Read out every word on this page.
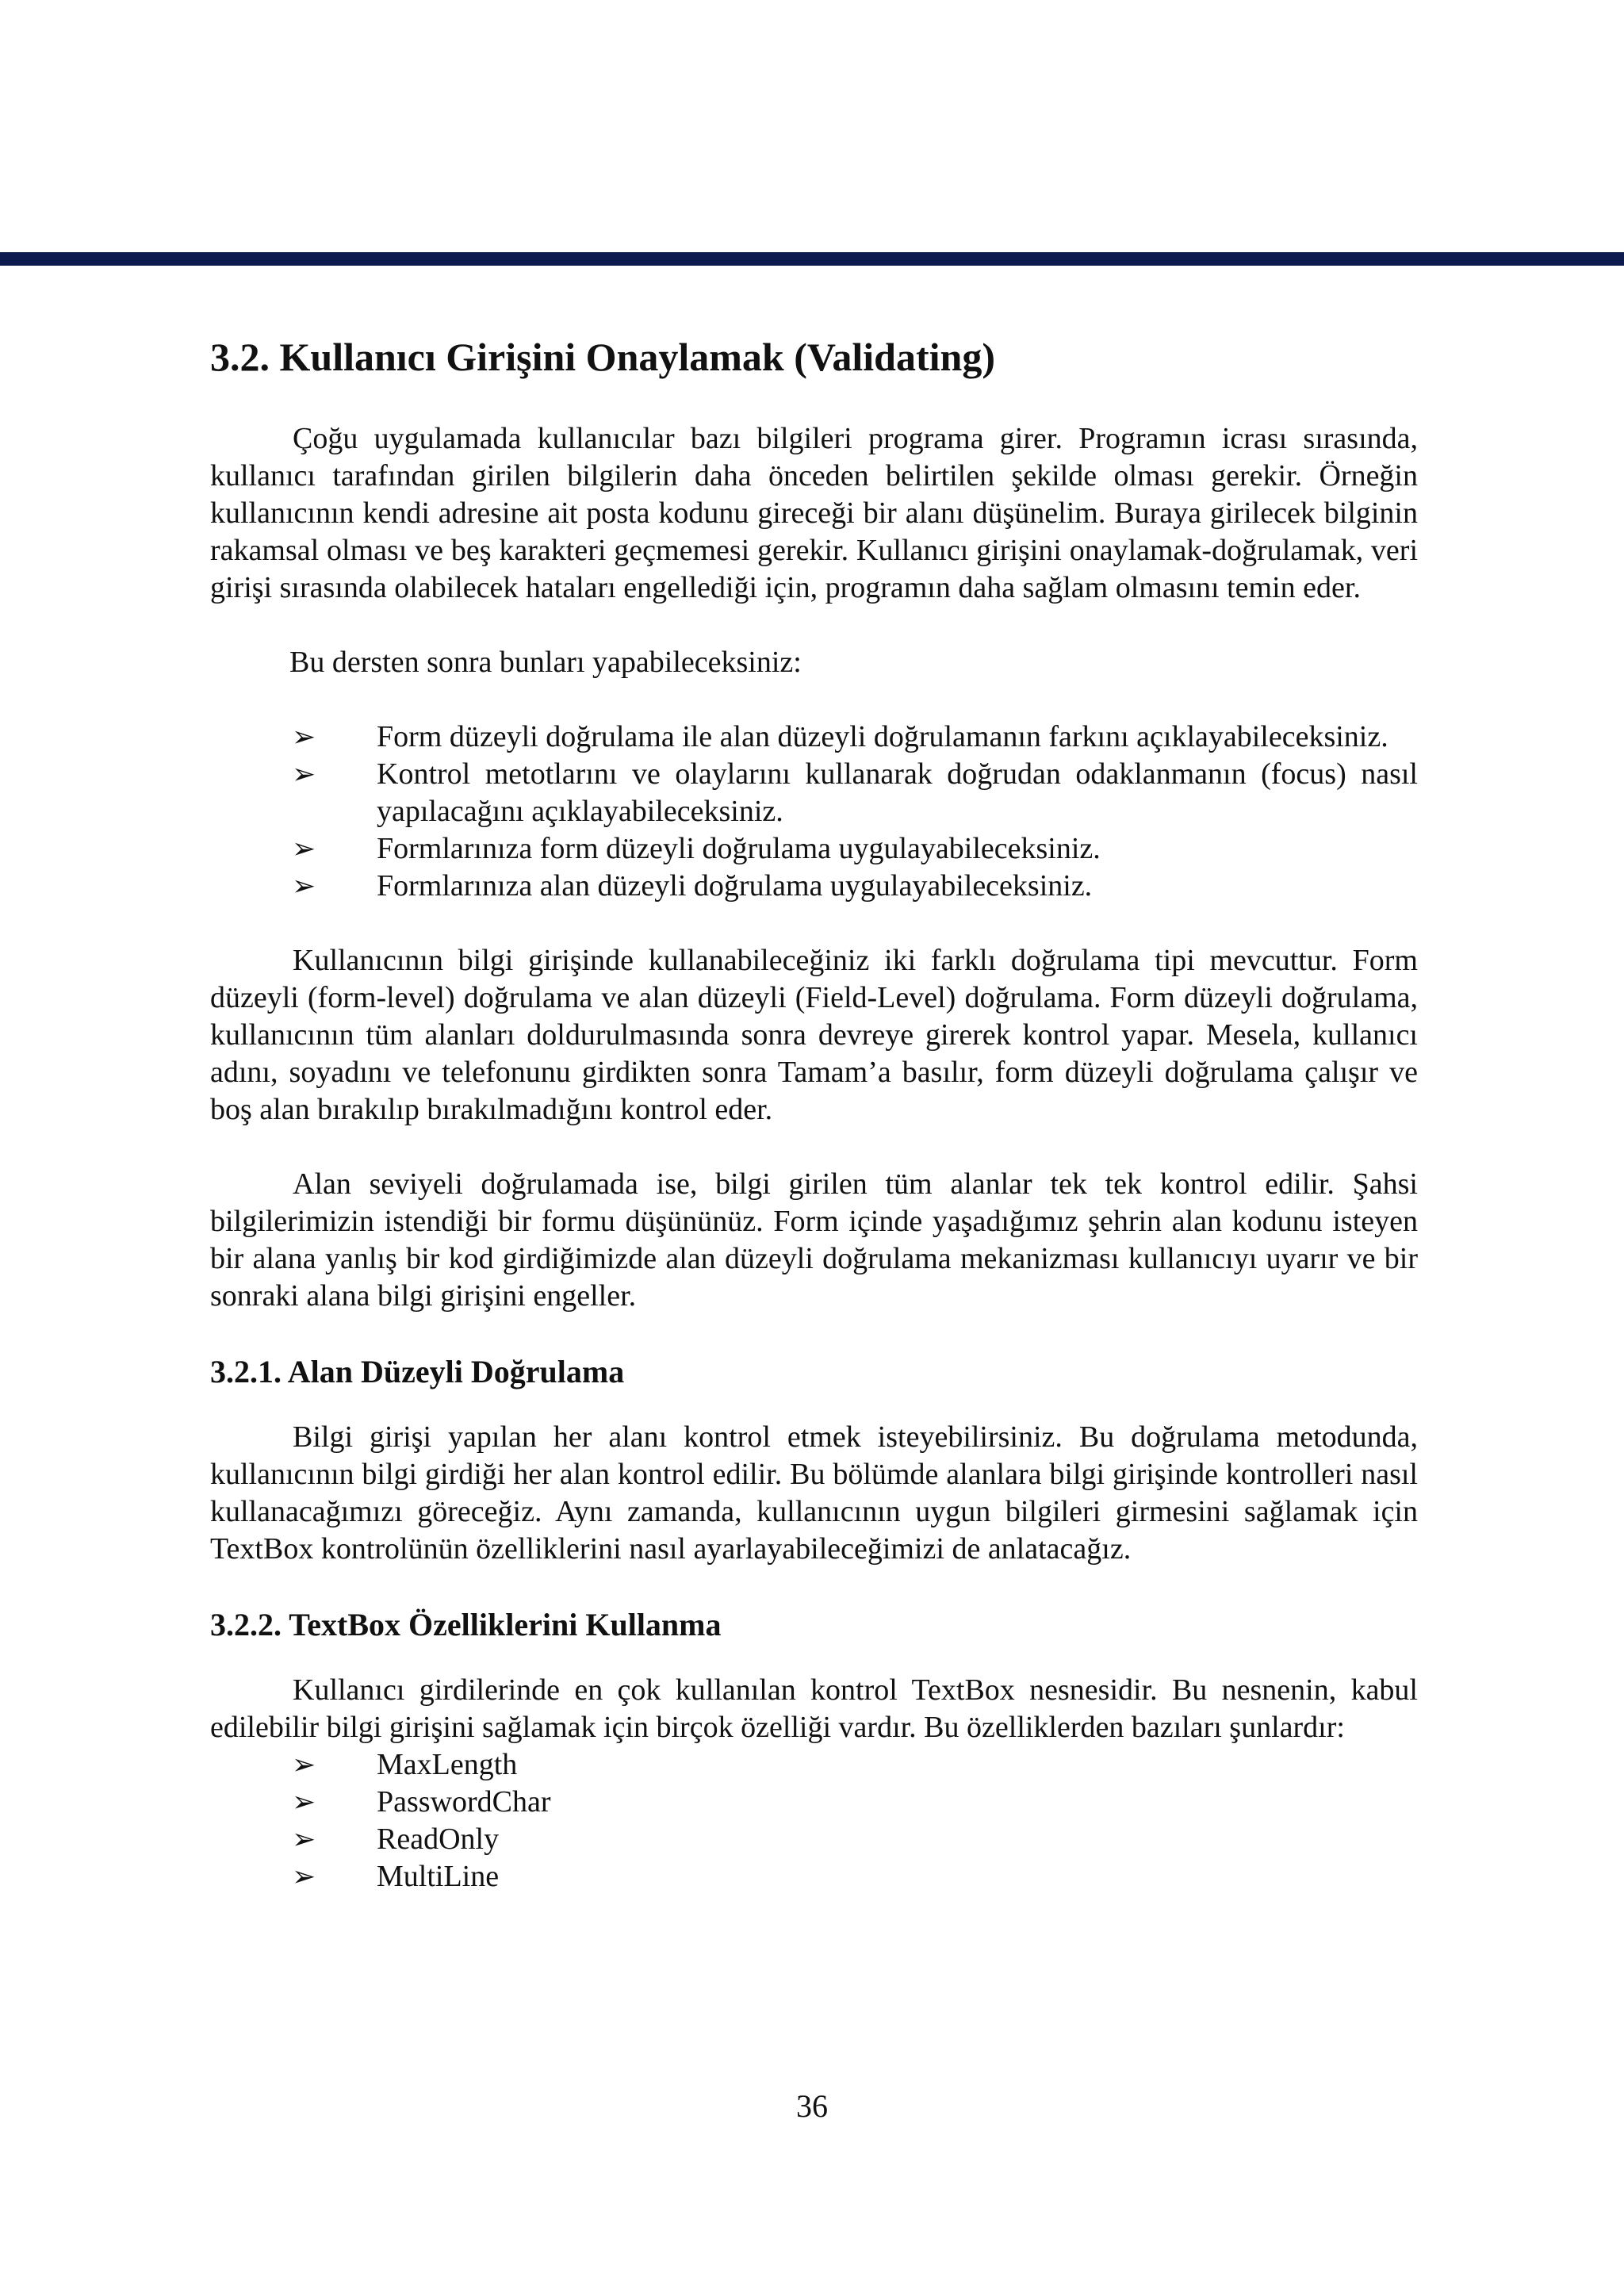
3.2. Kullanıcı Girişini Onaylamak (Validating)

Çoğu uygulamada kullanıcılar bazı bilgileri programa girer. Programın icrası sırasında, kullanıcı tarafından girilen bilgilerin daha önceden belirtilen şekilde olması gerekir. Örneğin kullanıcının kendi adresine ait posta kodunu gireceği bir alanı düşünelim. Buraya girilecek bilginin rakamsal olması ve beş karakteri geçmemesi gerekir. Kullanıcı girişini onaylamak-doğrulamak, veri girişi sırasında olabilecek hataları engellediği için, programın daha sağlam olmasını temin eder.

Bu dersten sonra bunları yapabileceksiniz:

➢ Form düzeyli doğrulama ile alan düzeyli doğrulamanın farkını açıklayabileceksiniz.
➢ Kontrol metotlarını ve olaylarını kullanarak doğrudan odaklanmanın (focus) nasıl yapılacağını açıklayabileceksiniz.
➢ Formlarınıza form düzeyli doğrulama uygulayabileceksiniz.
➢ Formlarınıza alan düzeyli doğrulama uygulayabileceksiniz.

Kullanıcının bilgi girişinde kullanabileceğiniz iki farklı doğrulama tipi mevcuttur. Form düzeyli (form-level) doğrulama ve alan düzeyli (Field-Level) doğrulama. Form düzeyli doğrulama, kullanıcının tüm alanları doldurulmasında sonra devreye girerek kontrol yapar. Mesela, kullanıcı adını, soyadını ve telefonunu girdikten sonra Tamam’a basılır, form düzeyli doğrulama çalışır ve boş alan bırakılıp bırakılmadığını kontrol eder.

Alan seviyeli doğrulamada ise, bilgi girilen tüm alanlar tek tek kontrol edilir. Şahsi bilgilerimizin istendiği bir formu düşününüz. Form içinde yaşadığımız şehrin alan kodunu isteyen bir alana yanlış bir kod girdiğimizde alan düzeyli doğrulama mekanizması kullanıcıyı uyarır ve bir sonraki alana bilgi girişini engeller.

3.2.1. Alan Düzeyli Doğrulama

Bilgi girişi yapılan her alanı kontrol etmek isteyebilirsiniz. Bu doğrulama metodunda, kullanıcının bilgi girdiği her alan kontrol edilir. Bu bölümde alanlara bilgi girişinde kontrolleri nasıl kullanacağımızı göreceğiz. Aynı zamanda, kullanıcının uygun bilgileri girmesini sağlamak için TextBox kontrolünün özelliklerini nasıl ayarlayabileceğimizi de anlatacağız.

3.2.2. TextBox Özelliklerini Kullanma

Kullanıcı girdilerinde en çok kullanılan kontrol TextBox nesnesidir. Bu nesnenin, kabul edilebilir bilgi girişini sağlamak için birçok özelliği vardır. Bu özelliklerden bazıları şunlardır:

➢ MaxLength
➢ PasswordChar
➢ ReadOnly
➢ MultiLine
36
